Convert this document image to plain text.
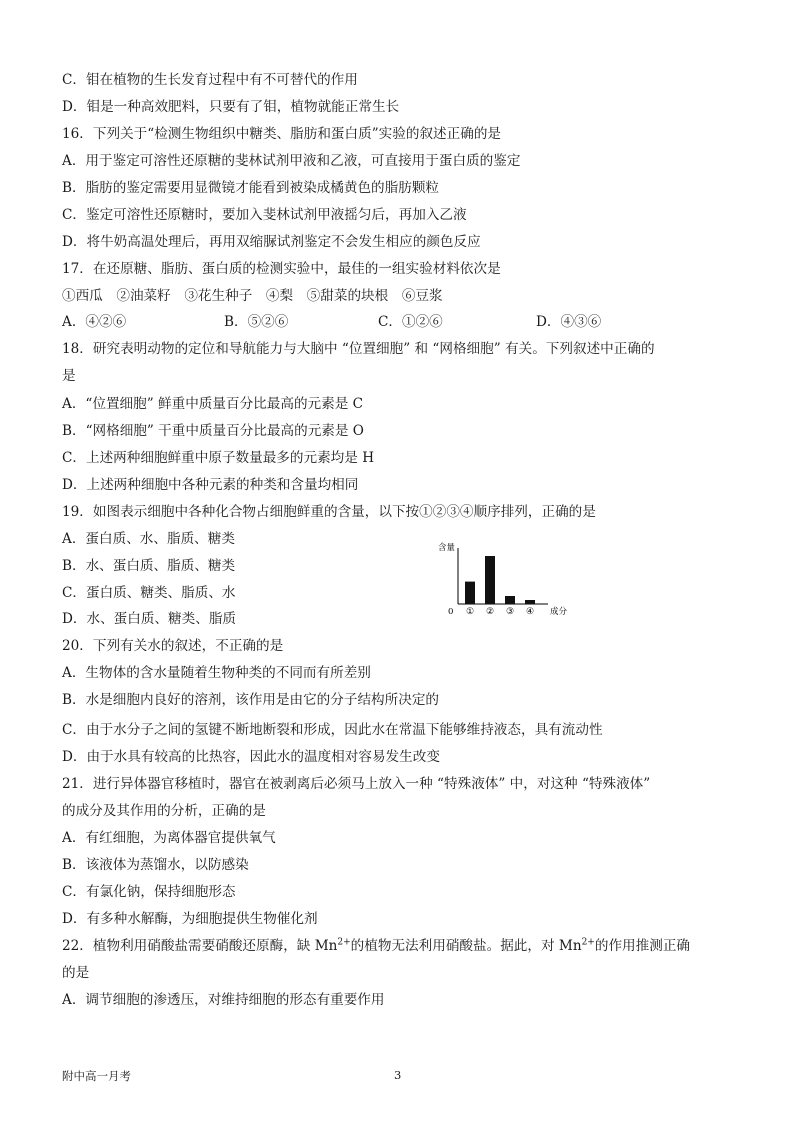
C．钼在植物的生长发育过程中有不可替代的作用
D．钼是一种高效肥料，只要有了钼，植物就能正常生长
16．下列关于“检测生物组织中糖类、脂肪和蛋白质”实验的叙述正确的是
A．用于鉴定可溶性还原糖的斐林试剂甲液和乙液，可直接用于蛋白质的鉴定
B．脂肪的鉴定需要用显微镜才能看到被染成橘黄色的脂肪颗粒
C．鉴定可溶性还原糖时，要加入斐林试剂甲液摇匀后，再加入乙液
D．将牛奶高温处理后，再用双缩脲试剂鉴定不会发生相应的颜色反应
17．在还原糖、脂肪、蛋白质的检测实验中，最佳的一组实验材料依次是
①西瓜　②油菜籽　③花生种子　④梨　⑤甜菜的块根　⑥豆浆
A．④②⑥	B．⑤②⑥	C．①②⑥	D．④③⑥
18．研究表明动物的定位和导航能力与大脑中 “位置细胞” 和 “网格细胞” 有关。下列叙述中正确的
是
A．“位置细胞” 鲜重中质量百分比最高的元素是 C
B．“网格细胞” 干重中质量百分比最高的元素是 O
C．上述两种细胞鲜重中原子数量最多的元素均是 H
D．上述两种细胞中各种元素的种类和含量均相同
19．如图表示细胞中各种化合物占细胞鲜重的含量，以下按①②③④顺序排列，正确的是
A．蛋白质、水、脂质、糖类
B．水、蛋白质、脂质、糖类
C．蛋白质、糖类、脂质、水
D．水、蛋白质、糖类、脂质
含量
0	成分
① ② ③ ④
20．下列有关水的叙述，不正确的是
A．生物体的含水量随着生物种类的不同而有所差别
B．水是细胞内良好的溶剂，该作用是由它的分子结构所决定的
C．由于水分子之间的氢键不断地断裂和形成，因此水在常温下能够维持液态，具有流动性
D．由于水具有较高的比热容，因此水的温度相对容易发生改变
21．进行异体器官移植时，器官在被剥离后必须马上放入一种 “特殊液体” 中，对这种 “特殊液体”
的成分及其作用的分析，正确的是
A．有红细胞，为离体器官提供氧气
B．该液体为蒸馏水，以防感染
C．有氯化钠，保持细胞形态
D．有多种水解酶，为细胞提供生物催化剂
22．植物利用硝酸盐需要硝酸还原酶，缺 $Mn^{2+}$的植物无法利用硝酸盐。据此，对 $Mn^{2+}$的作用推测正确
的是
A．调节细胞的渗透压，对维持细胞的形态有重要作用
附中高一月考	3
